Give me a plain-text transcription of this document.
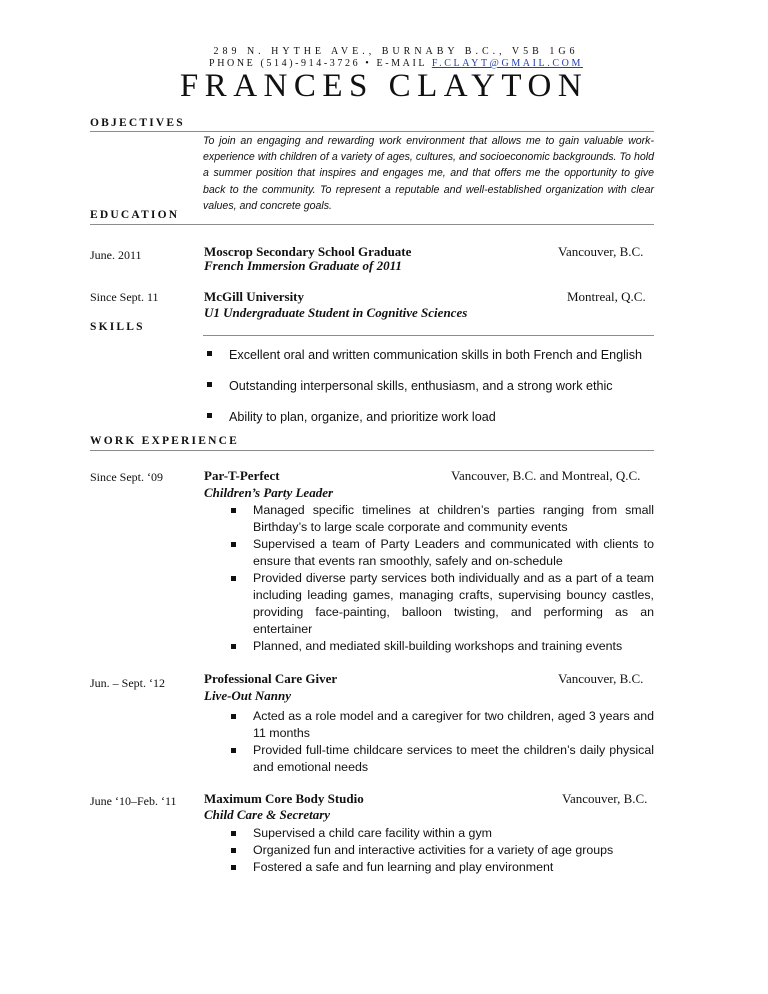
289 N. HYTHE AVE., BURNABY B.C., V5B 1G6
PHONE (514)-914-3726 • E-MAIL F.CLAYT@GMAIL.COM
FRANCES CLAYTON
OBJECTIVES
To join an engaging and rewarding work environment that allows me to gain valuable work-experience with children of a variety of ages, cultures, and socioeconomic backgrounds. To hold a summer position that inspires and engages me, and that offers me the opportunity to give back to the community. To represent a reputable and well-established organization with clear values, and concrete goals.
EDUCATION
June. 2011	Moscrop Secondary School Graduate	Vancouver, B.C.
French Immersion Graduate of 2011
Since Sept. 11	McGill University	Montreal, Q.C.
U1 Undergraduate Student in Cognitive Sciences
SKILLS
Excellent oral and written communication skills in both French and English
Outstanding interpersonal skills, enthusiasm, and a strong work ethic
Ability to plan, organize, and prioritize work load
WORK EXPERIENCE
Since Sept. ‘09	Par-T-Perfect	Vancouver, B.C. and Montreal, Q.C.
Children’s Party Leader
Managed specific timelines at children’s parties ranging from small Birthday’s to large scale corporate and community events
Supervised a team of Party Leaders and communicated with clients to ensure that events ran smoothly, safely and on-schedule
Provided diverse party services both individually and as a part of a team including leading games, managing crafts, supervising bouncy castles, providing face-painting, balloon twisting, and performing as an entertainer
Planned, and mediated skill-building workshops and training events
Jun. – Sept. ‘12	Professional Care Giver	Vancouver, B.C.
Live-Out Nanny
Acted as a role model and a caregiver for two children, aged 3 years and 11 months
Provided full-time childcare services to meet the children’s daily physical and emotional needs
June ‘10–Feb. ‘11 Maximum Core Body Studio	Vancouver, B.C.
Child Care & Secretary
Supervised a child care facility within a gym
Organized fun and interactive activities for a variety of age groups
Fostered a safe and fun learning and play environment
